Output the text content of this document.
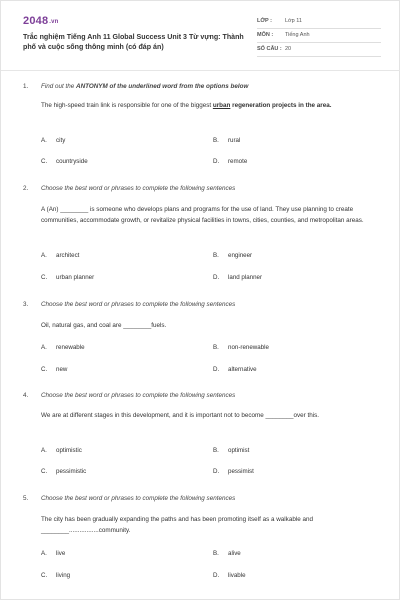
2048.vn
Trắc nghiệm Tiếng Anh 11 Global Success Unit 3 Từ vựng: Thành phố và cuộc sống thông minh (có đáp án)
LỚP : Lớp 11
MÔN : Tiếng Anh
SỐ CÂU : 20
1. Find out the ANTONYM of the underlined word from the options below
The high-speed train link is responsible for one of the biggest urban regeneration projects in the area.
A. city	B. rural
C. countryside	D. remote
2. Choose the best word or phrases to complete the following sentences
A (An) ________ is someone who develops plans and programs for the use of land. They use planning to create communities, accommodate growth, or revitalize physical facilities in towns, cities, counties, and metropolitan areas.
A. architect	B. engineer
C. urban planner	D. land planner
3. Choose the best word or phrases to complete the following sentences
Oil, natural gas, and coal are ________fuels.
A. renewable	B. non-renewable
C. new	D. alternative
4. Choose the best word or phrases to complete the following sentences
We are at different stages in this development, and it is important not to become ________over this.
A. optimistic	B. optimist
C. pessimistic	D. pessimist
5. Choose the best word or phrases to complete the following sentences
The city has been gradually expanding the paths and has been promoting itself as a walkable and ________.................community.
A. live	B. alive
C. living	D. livable
